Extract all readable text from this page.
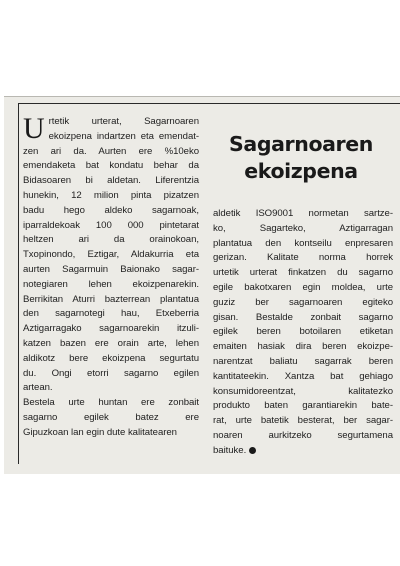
U rtetik urterat, Sagarnoaren
ekoizpena indartzen eta emendat-
zen ari da. Aurten ere %10eko
emendaketa bat kondatu behar da
Bidasoaren bi aldetan. Liferentzia
hunekin, 12 milion pinta pizatzen
badu hego aldeko sagarnoak,
iparraldekoak 100 000 pintetarat
heltzen ari da orainokoan,
Txopinondo, Eztigar, Aldakurria eta
aurten Sagarmuin Baionako sagar-
notegiaren lehen ekoizpenarekin.
Berrikitan Aturri bazterrean plantatua
den sagarnotegi hau, Etxeberria
Aztigarragako sagarnoarekin itzuli-
katzen bazen ere orain arte, lehen
aldikotz bere ekoizpena segurtatu
du. Ongi etorri sagarno egilen
artean.
Bestela urte huntan ere zonbait
sagarno egilek batez ere
Gipuzkoan lan egin dute kalitatearen
Sagarnoaren
ekoizpena
aldetik ISO9001 normetan sartze-
ko, Sagarteko, Aztigarragan
plantatua den kontseilu enpresaren
gerizan. Kalitate norma horrek
urtetik urterat finkatzen du sagarno
egile bakotxaren egin moldea, urte
guziz ber sagarnoaren egiteko
gisan. Bestalde zonbait sagarno
egilek beren botoilaren etiketan
emaiten hasiak dira beren ekoizpe-
narentzat baliatu sagarrak beren
kantitateekin. Xantza bat gehiago
konsumidoreentzat, kalitatezko
produkto baten garantiarekin bate-
rat, urte batetik besterat, ber sagar-
noaren aurkitzeko segurtamena
baituke.
